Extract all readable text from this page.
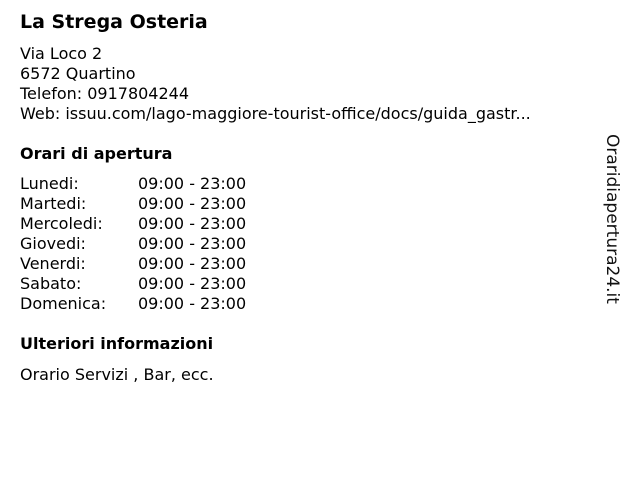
La Strega Osteria
Via Loco 2
6572 Quartino
Telefon: 0917804244
Web: issuu.com/lago-maggiore-tourist-office/docs/guida_gastr...
Orari di apertura
Lunedi:	09:00 - 23:00
Martedi:	09:00 - 23:00
Mercoledi:	09:00 - 23:00
Giovedi:	09:00 - 23:00
Venerdi:	09:00 - 23:00
Sabato:	09:00 - 23:00
Domenica:	09:00 - 23:00
Ulteriori informazioni
Orario Servizi , Bar, ecc.
Oraridiapertura24.it
